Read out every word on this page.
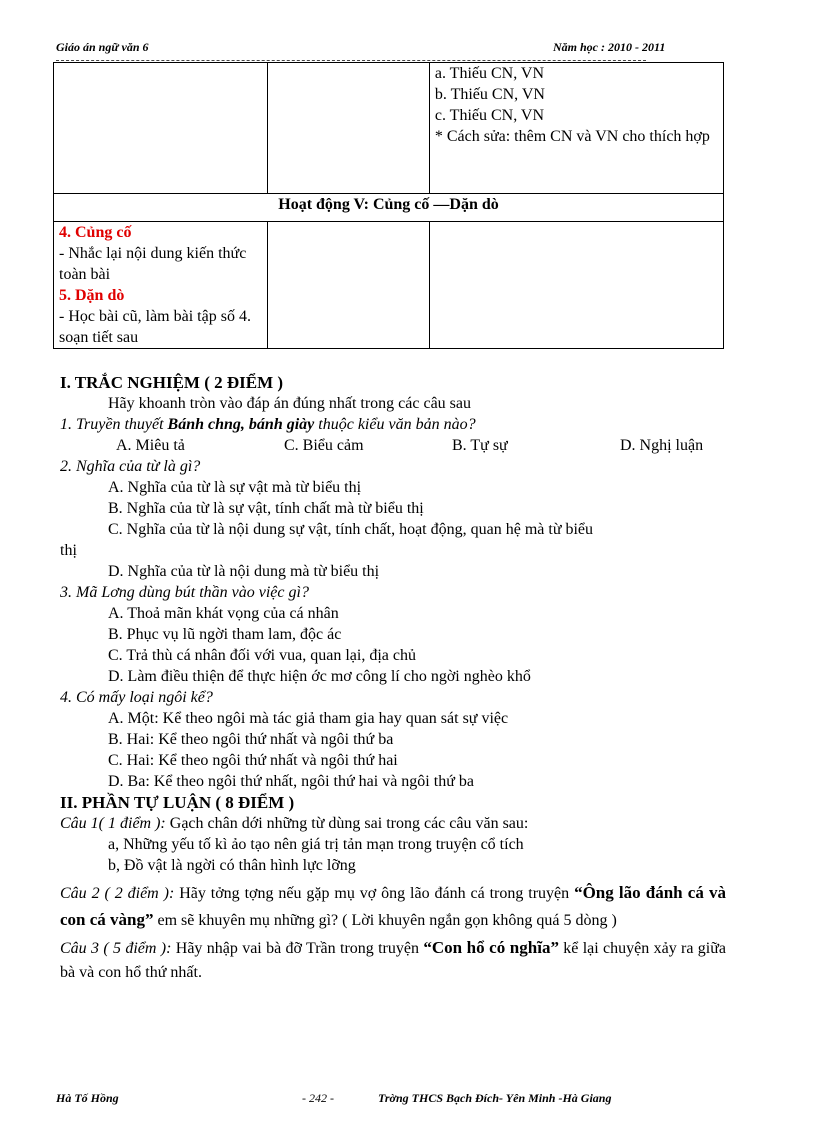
Giáo án ngữ văn 6	Năm học : 2010 - 2011

		a. Thiếu CN, VN
b. Thiếu CN, VN
c. Thiếu CN, VN
* Cách sửa: thêm CN và VN cho thích hợp

Hoạt động V: Củng cố —Dặn dò		

4. Củng cố
- Nhắc lại nội dung kiến thức toàn bài
5. Dặn dò
- Học bài cũ, làm bài tập số 4. soạn tiết sau		

I. TRẮC NGHIỆM ( 2 ĐIỂM )

Hãy khoanh tròn vào đáp án đúng nhất trong các câu sau

1. Truyền thuyết Bánh chng, bánh giày thuộc kiểu văn bản nào?

A. Miêu tả	C. Biểu cảm	B. Tự sự	D. Nghị luận

2. Nghĩa của từ là gì?

A. Nghĩa của từ là sự vật mà từ biểu thị

B. Nghĩa của từ là sự vật, tính chất mà từ biểu thị

C. Nghĩa của từ là nội dung sự vật, tính chất, hoạt động, quan hệ mà từ biểu

thị

D. Nghĩa của từ là nội dung mà từ biểu thị

3. Mã Lơng dùng bút thần vào việc gì?

A. Thoả mãn khát vọng của cá nhân

B. Phục vụ lũ ngời tham lam, độc ác

C. Trả thù cá nhân đối với vua, quan lại, địa chủ

D. Làm điều thiện để thực hiện ớc mơ công lí cho ngời nghèo khổ

4. Có mấy loại ngôi kể?

A. Một: Kể theo ngôi mà tác giả tham gia hay quan sát sự việc

B. Hai: Kể theo ngôi thứ nhất và ngôi thứ ba

C. Hai: Kể theo ngôi thứ nhất và ngôi thứ hai

D. Ba: Kể theo ngôi thứ nhất, ngôi thứ hai và ngôi thứ ba

II. PHẦN TỰ LUẬN ( 8 ĐIỂM )

Câu 1( 1 điểm ): Gạch chân dới những từ dùng sai trong các câu văn sau:

a, Những yếu tố kì ảo tạo nên giá trị tản mạn trong truyện cổ tích

b, Đồ vật là ngời có thân hình lực lỡng

Câu 2 ( 2 điểm ): Hãy tởng tợng nếu gặp mụ vợ ông lão đánh cá trong truyện “Ông lão đánh cá và con cá vàng” em sẽ khuyên mụ những gì? ( Lời khuyên ngắn gọn không quá 5 dòng )

Câu 3 ( 5 điểm ): Hãy nhập vai bà đỡ Trần trong truyện “Con hổ có nghĩa” kể lại chuyện xảy ra giữa bà và con hổ thứ nhất.

Hà Tố Hồng	- 242 -	Trờng THCS Bạch Đích- Yên Minh -Hà Giang
